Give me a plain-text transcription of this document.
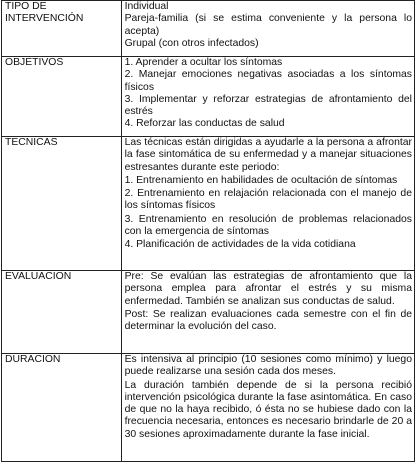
TIPO DE INTERVENCIÓN	Individual

Pareja-familia (si se estima conveniente y la persona lo acepta)

Grupal (con otros infectados)

OBJETIVOS	1. Aprender a ocultar los síntomas

2. Manejar emociones negativas asociadas a los síntomas físicos

3. Implementar y reforzar estrategias de afrontamiento del estrés

4. Reforzar las conductas de salud

TECNICAS	Las técnicas están dirigidas a ayudarle a la persona a afrontar la fase sintomática de su enfermedad y a manejar situaciones estresantes durante este periodo:

1. Entrenamiento en habilidades de ocultación de síntomas

2. Entrenamiento en relajación relacionada con el manejo de los síntomas físicos

3. Entrenamiento en resolución de problemas relacionados con la emergencia de síntomas

4. Planificación de actividades de la vida cotidiana

EVALUACION	Pre: Se evalúan las estrategias de afrontamiento que la persona emplea para afrontar el estrés y su misma enfermedad. También se analizan sus conductas de salud.

Post: Se realizan evaluaciones cada semestre con el fin de determinar la evolución del caso.

DURACION	Es intensiva al principio (10 sesiones como mínimo) y luego puede realizarse una sesión cada dos meses.

La duración también depende de si la persona recibió intervención psicológica durante la fase asintomática. En caso de que no la haya recibido, ó ésta no se hubiese dado con la frecuencia necesaria, entonces es necesario brindarle de 20 a 30 sesiones aproximadamente durante la fase inicial.
